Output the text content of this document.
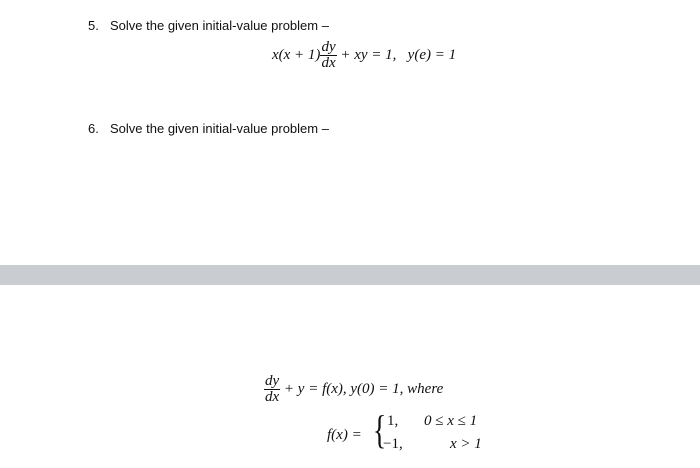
5. Solve the given initial-value problem –
$x(x + 1) \frac{dy}{dx}$ + xy = 1,   y(e) = 1
6. Solve the given initial-value problem –
$\frac{dy}{dx} + y = f(x)$, y(0) = 1, where
f(x) = { 1, 0 ≤ x ≤ 1
−1,	x > 1
